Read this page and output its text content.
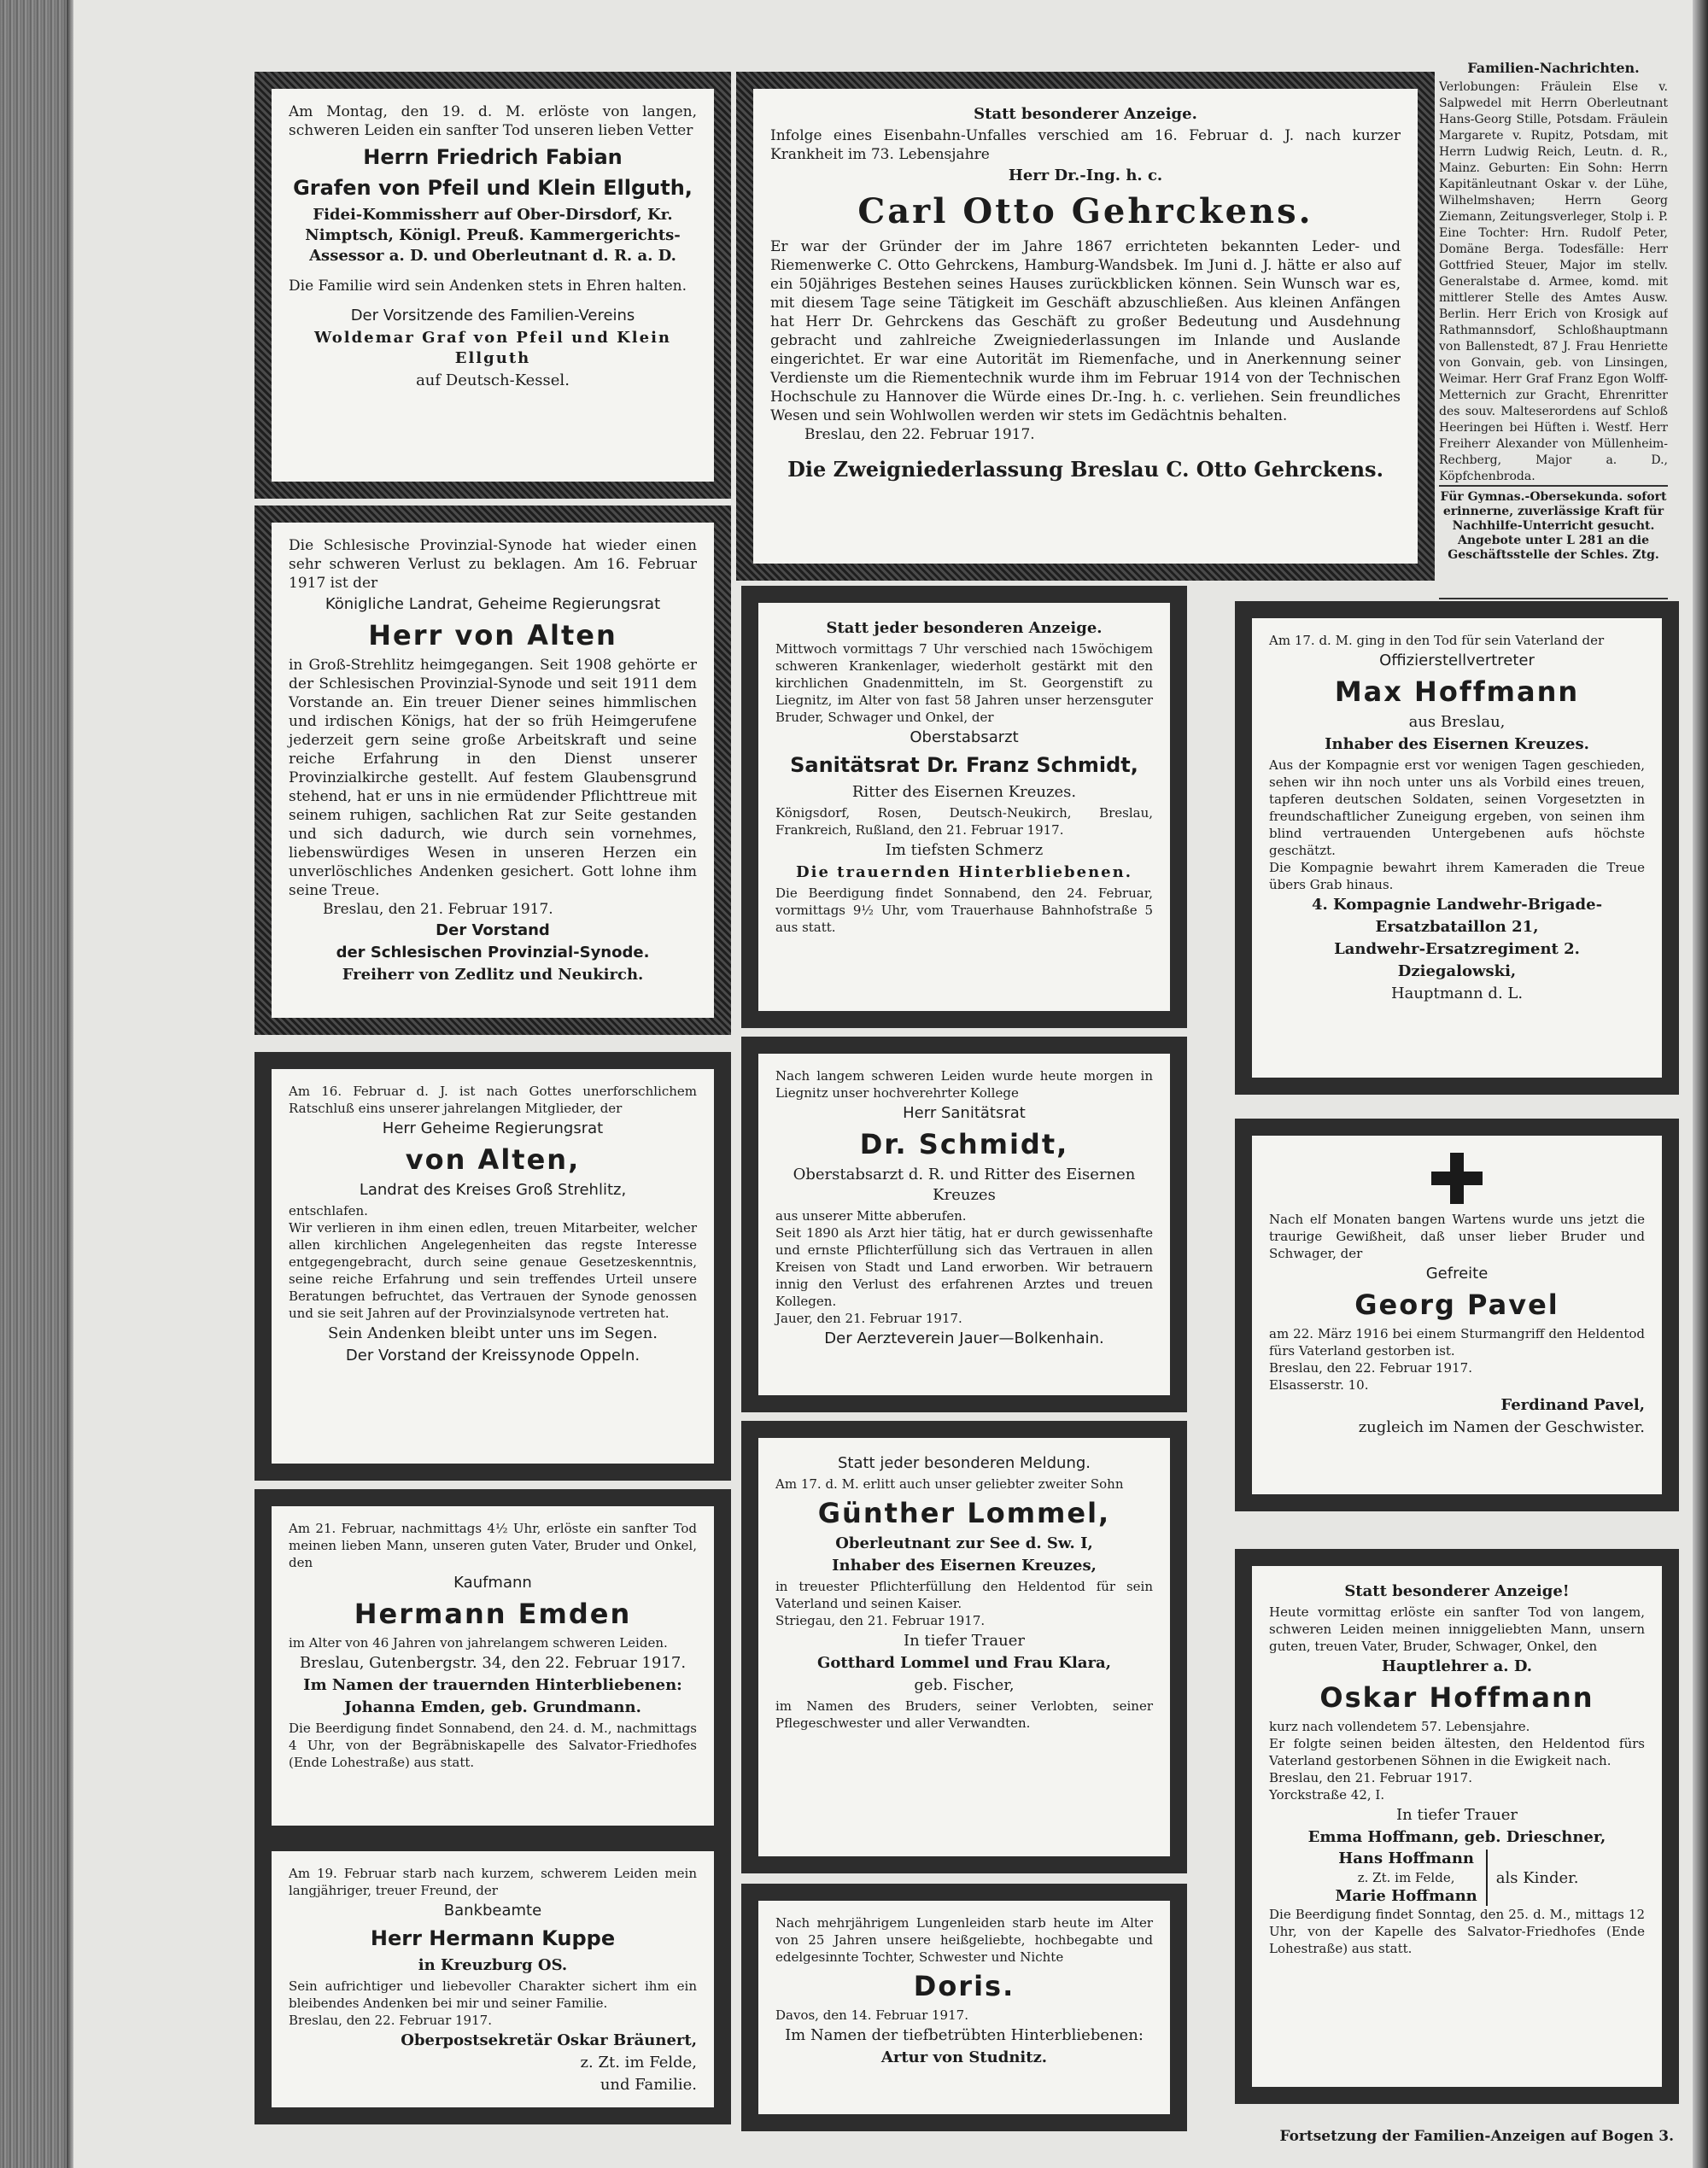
Am Montag, den 19. d. M. erlöste von langen, schweren Leiden ein sanfter Tod unseren lieben Vetter

Herrn Friedrich Fabian
Grafen von Pfeil und Klein Ellguth,

Fidei-Kommissherr auf Ober-Dirsdorf, Kr. Nimptsch, Königl. Preuß. Kammergerichts-Assessor a. D. und Oberleutnant d. R. a. D.

Die Familie wird sein Andenken stets in Ehren halten.

Der Vorsitzende des Familien-Vereins

Woldemar Graf von Pfeil und Klein Ellguth

auf Deutsch-Kessel.

Statt besonderer Anzeige.

Infolge eines Eisenbahn-Unfalles verschied am 16. Februar d. J. nach kurzer Krankheit im 73. Lebensjahre

Herr Dr.-Ing. h. c.

Carl Otto Gehrckens.

Er war der Gründer der im Jahre 1867 errichteten bekannten Leder- und Riemenwerke C. Otto Gehrckens, Hamburg-Wandsbek. Im Juni d. J. hätte er also auf ein 50jähriges Bestehen seines Hauses zurückblicken können. Sein Wunsch war es, mit diesem Tage seine Tätigkeit im Geschäft abzuschließen. Aus kleinen Anfängen hat Herr Dr. Gehrckens das Geschäft zu großer Bedeutung und Ausdehnung gebracht und zahlreiche Zweigniederlassungen im Inlande und Auslande eingerichtet. Er war eine Autorität im Riemenfache, und in Anerkennung seiner Verdienste um die Riementechnik wurde ihm im Februar 1914 von der Technischen Hochschule zu Hannover die Würde eines Dr.-Ing. h. c. verliehen. Sein freundliches Wesen und sein Wohlwollen werden wir stets im Gedächtnis behalten.

Breslau, den 22. Februar 1917.

Die Zweigniederlassung Breslau C. Otto Gehrckens.

Familien-Nachrichten.

Verlobungen: Fräulein Else v. Salpwedel mit Herrn Oberleutnant Hans-Georg Stille, Potsdam. Fräulein Margarete v. Rupitz, Potsdam, mit Herrn Ludwig Reich, Leutn. d. R., Mainz. Geburten: Ein Sohn: Herrn Kapitänleutnant Oskar v. der Lühe, Wilhelmshaven; Herrn Georg Ziemann, Zeitungsverleger, Stolp i. P. Eine Tochter: Hrn. Rudolf Peter, Domäne Berga. Todesfälle: Herr Gottfried Steuer, Major im stellv. Generalstabe d. Armee, komd. mit mittlerer Stelle des Amtes Ausw. Berlin. Herr Erich von Krosigk auf Rathmannsdorf, Schloßhauptmann von Ballenstedt, 87 J. Frau Henriette von Gonvain, geb. von Linsingen, Weimar. Herr Graf Franz Egon Wolff-Metternich zur Gracht, Ehrenritter des souv. Malteserordens auf Schloß Heeringen bei Hüften i. Westf. Herr Freiherr Alexander von Müllenheim-Rechberg, Major a. D., Köpfchenbroda.

Für Gymnas.-Obersekunda. sofort erinnerne, zuverlässige Kraft für Nachhilfe-Unterricht gesucht. Angebote unter L 281 an die Geschäftsstelle der Schles. Ztg.

Die Schlesische Provinzial-Synode hat wieder einen sehr schweren Verlust zu beklagen. Am 16. Februar 1917 ist der

Königliche Landrat, Geheime Regierungsrat

Herr von Alten

in Groß-Strehlitz heimgegangen. Seit 1908 gehörte er der Schlesischen Provinzial-Synode und seit 1911 dem Vorstande an. Ein treuer Diener seines himmlischen und irdischen Königs, hat der so früh Heimgerufene jederzeit gern seine große Arbeitskraft und seine reiche Erfahrung in den Dienst unserer Provinzialkirche gestellt. Auf festem Glaubensgrund stehend, hat er uns in nie ermüdender Pflichttreue mit seinem ruhigen, sachlichen Rat zur Seite gestanden und sich dadurch, wie durch sein vornehmes, liebenswürdiges Wesen in unseren Herzen ein unverlöschliches Andenken gesichert. Gott lohne ihm seine Treue.

Breslau, den 21. Februar 1917.

Der Vorstand

der Schlesischen Provinzial-Synode.

Freiherr von Zedlitz und Neukirch.

Statt jeder besonderen Anzeige.

Mittwoch vormittags 7 Uhr verschied nach 15wöchigem schweren Krankenlager, wiederholt gestärkt mit den kirchlichen Gnadenmitteln, im St. Georgenstift zu Liegnitz, im Alter von fast 58 Jahren unser herzensguter Bruder, Schwager und Onkel, der

Oberstabsarzt

Sanitätsrat Dr. Franz Schmidt,

Ritter des Eisernen Kreuzes.

Königsdorf, Rosen, Deutsch-Neukirch, Breslau, Frankreich, Rußland, den 21. Februar 1917.

Im tiefsten Schmerz

Die trauernden Hinterbliebenen.

Die Beerdigung findet Sonnabend, den 24. Februar, vormittags 9½ Uhr, vom Trauerhause Bahnhofstraße 5 aus statt.

Am 17. d. M. ging in den Tod für sein Vaterland der

Offizierstellvertreter

Max Hoffmann

aus Breslau,

Inhaber des Eisernen Kreuzes.

Aus der Kompagnie erst vor wenigen Tagen geschieden, sehen wir ihn noch unter uns als Vorbild eines treuen, tapferen deutschen Soldaten, seinen Vorgesetzten in freundschaftlicher Zuneigung ergeben, von seinen ihm blind vertrauenden Untergebenen aufs höchste geschätzt.

Die Kompagnie bewahrt ihrem Kameraden die Treue übers Grab hinaus.

4. Kompagnie Landwehr-Brigade-

Ersatzbataillon 21,

Landwehr-Ersatzregiment 2.

Dziegalowski,

Hauptmann d. L.

Am 16. Februar d. J. ist nach Gottes unerforschlichem Ratschluß eins unserer jahrelangen Mitglieder, der

Herr Geheime Regierungsrat

von Alten,

Landrat des Kreises Groß Strehlitz,

entschlafen.

Wir verlieren in ihm einen edlen, treuen Mitarbeiter, welcher allen kirchlichen Angelegenheiten das regste Interesse entgegengebracht, durch seine genaue Gesetzeskenntnis, seine reiche Erfahrung und sein treffendes Urteil unsere Beratungen befruchtet, das Vertrauen der Synode genossen und sie seit Jahren auf der Provinzialsynode vertreten hat.

Sein Andenken bleibt unter uns im Segen.

Der Vorstand der Kreissynode Oppeln.

Nach langem schweren Leiden wurde heute morgen in Liegnitz unser hochverehrter Kollege

Herr Sanitätsrat

Dr. Schmidt,

Oberstabsarzt d. R. und Ritter des Eisernen Kreuzes

aus unserer Mitte abberufen.

Seit 1890 als Arzt hier tätig, hat er durch gewissenhafte und ernste Pflichterfüllung sich das Vertrauen in allen Kreisen von Stadt und Land erworben. Wir betrauern innig den Verlust des erfahrenen Arztes und treuen Kollegen.

Jauer, den 21. Februar 1917.

Der Aerzteverein Jauer—Bolkenhain.

Nach elf Monaten bangen Wartens wurde uns jetzt die traurige Gewißheit, daß unser lieber Bruder und Schwager, der

Gefreite

Georg Pavel

am 22. März 1916 bei einem Sturmangriff den Heldentod fürs Vaterland gestorben ist.

Breslau, den 22. Februar 1917.

Elsasserstr. 10.

Ferdinand Pavel,

zugleich im Namen der Geschwister.

Am 21. Februar, nachmittags 4½ Uhr, erlöste ein sanfter Tod meinen lieben Mann, unseren guten Vater, Bruder und Onkel, den

Kaufmann

Hermann Emden

im Alter von 46 Jahren von jahrelangem schweren Leiden.

Breslau, Gutenbergstr. 34, den 22. Februar 1917.

Im Namen der trauernden Hinterbliebenen:

Johanna Emden, geb. Grundmann.

Die Beerdigung findet Sonnabend, den 24. d. M., nachmittags 4 Uhr, von der Begräbniskapelle des Salvator-Friedhofes (Ende Lohestraße) aus statt.

Statt jeder besonderen Meldung.

Am 17. d. M. erlitt auch unser geliebter zweiter Sohn

Günther Lommel,

Oberleutnant zur See d. Sw. I,

Inhaber des Eisernen Kreuzes,

in treuester Pflichterfüllung den Heldentod für sein Vaterland und seinen Kaiser.

Striegau, den 21. Februar 1917.

In tiefer Trauer

Gotthard Lommel und Frau Klara,

geb. Fischer,

im Namen des Bruders, seiner Verlobten, seiner Pflegeschwester und aller Verwandten.

Statt besonderer Anzeige!

Heute vormittag erlöste ein sanfter Tod von langem, schweren Leiden meinen inniggeliebten Mann, unsern guten, treuen Vater, Bruder, Schwager, Onkel, den

Hauptlehrer a. D.

Oskar Hoffmann

kurz nach vollendetem 57. Lebensjahre.

Er folgte seinen beiden ältesten, den Heldentod fürs Vaterland gestorbenen Söhnen in die Ewigkeit nach.

Breslau, den 21. Februar 1917.

Yorckstraße 42, I.

In tiefer Trauer

Emma Hoffmann, geb. Drieschner,

Hans Hoffmann
z. Zt. im Felde,
Marie Hoffmann
als Kinder.

Die Beerdigung findet Sonntag, den 25. d. M., mittags 12 Uhr, von der Kapelle des Salvator-Friedhofes (Ende Lohestraße) aus statt.

Am 19. Februar starb nach kurzem, schwerem Leiden mein langjähriger, treuer Freund, der

Bankbeamte

Herr Hermann Kuppe

in Kreuzburg OS.

Sein aufrichtiger und liebevoller Charakter sichert ihm ein bleibendes Andenken bei mir und seiner Familie.

Breslau, den 22. Februar 1917.

Oberpostsekretär Oskar Bräunert,

z. Zt. im Felde,

und Familie.

Nach mehrjährigem Lungenleiden starb heute im Alter von 25 Jahren unsere heißgeliebte, hochbegabte und edelgesinnte Tochter, Schwester und Nichte

Doris.

Davos, den 14. Februar 1917.

Im Namen der tiefbetrübten Hinterbliebenen:

Artur von Studnitz.

Fortsetzung der Familien-Anzeigen auf Bogen 3.
